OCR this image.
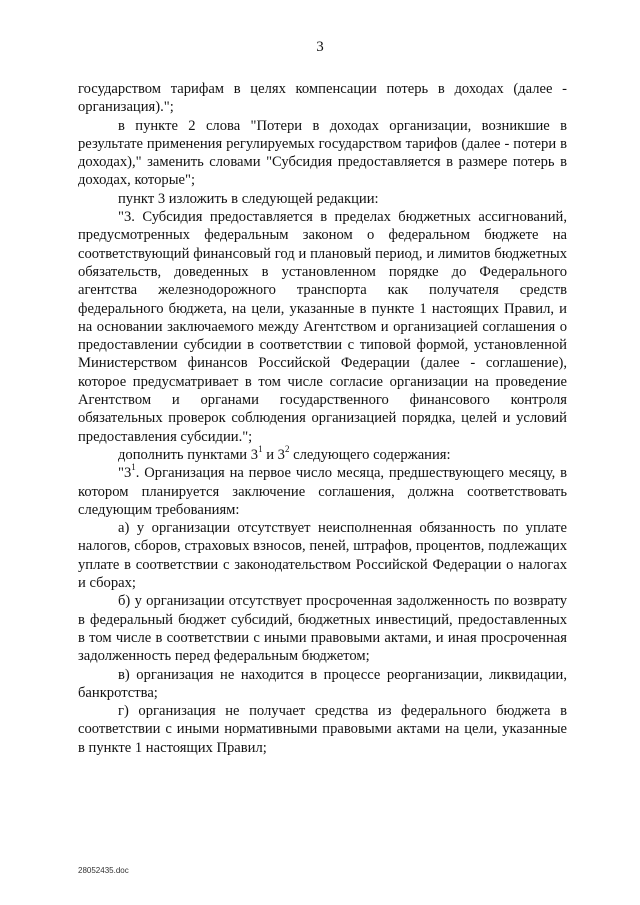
3

государством тарифам в целях компенсации потерь в доходах (далее - организация).";

в пункте 2 слова "Потери в доходах организации, возникшие в результате применения регулируемых государством тарифов (далее - потери в доходах)," заменить словами "Субсидия предоставляется в размере потерь в доходах, которые";

пункт 3 изложить в следующей редакции:

"3. Субсидия предоставляется в пределах бюджетных ассигнований, предусмотренных федеральным законом о федеральном бюджете на соответствующий финансовый год и плановый период, и лимитов бюджетных обязательств, доведенных в установленном порядке до Федерального агентства железнодорожного транспорта как получателя средств федерального бюджета, на цели, указанные в пункте 1 настоящих Правил, и на основании заключаемого между Агентством и организацией соглашения о предоставлении субсидии в соответствии с типовой формой, установленной Министерством финансов Российской Федерации (далее - соглашение), которое предусматривает в том числе согласие организации на проведение Агентством и органами государственного финансового контроля обязательных проверок соблюдения организацией порядка, целей и условий предоставления субсидии.";

дополнить пунктами $3^1$ и $3^2$ следующего содержания:

"$3^1$. Организация на первое число месяца, предшествующего месяцу, в котором планируется заключение соглашения, должна соответствовать следующим требованиям:

а) у организации отсутствует неисполненная обязанность по уплате налогов, сборов, страховых взносов, пеней, штрафов, процентов, подлежащих уплате в соответствии с законодательством Российской Федерации о налогах и сборах;

б) у организации отсутствует просроченная задолженность по возврату в федеральный бюджет субсидий, бюджетных инвестиций, предоставленных в том числе в соответствии с иными правовыми актами, и иная просроченная задолженность перед федеральным бюджетом;

в) организация не находится в процессе реорганизации, ликвидации, банкротства;

г) организация не получает средства из федерального бюджета в соответствии с иными нормативными правовыми актами на цели, указанные в пункте 1 настоящих Правил;

28052435.doc
